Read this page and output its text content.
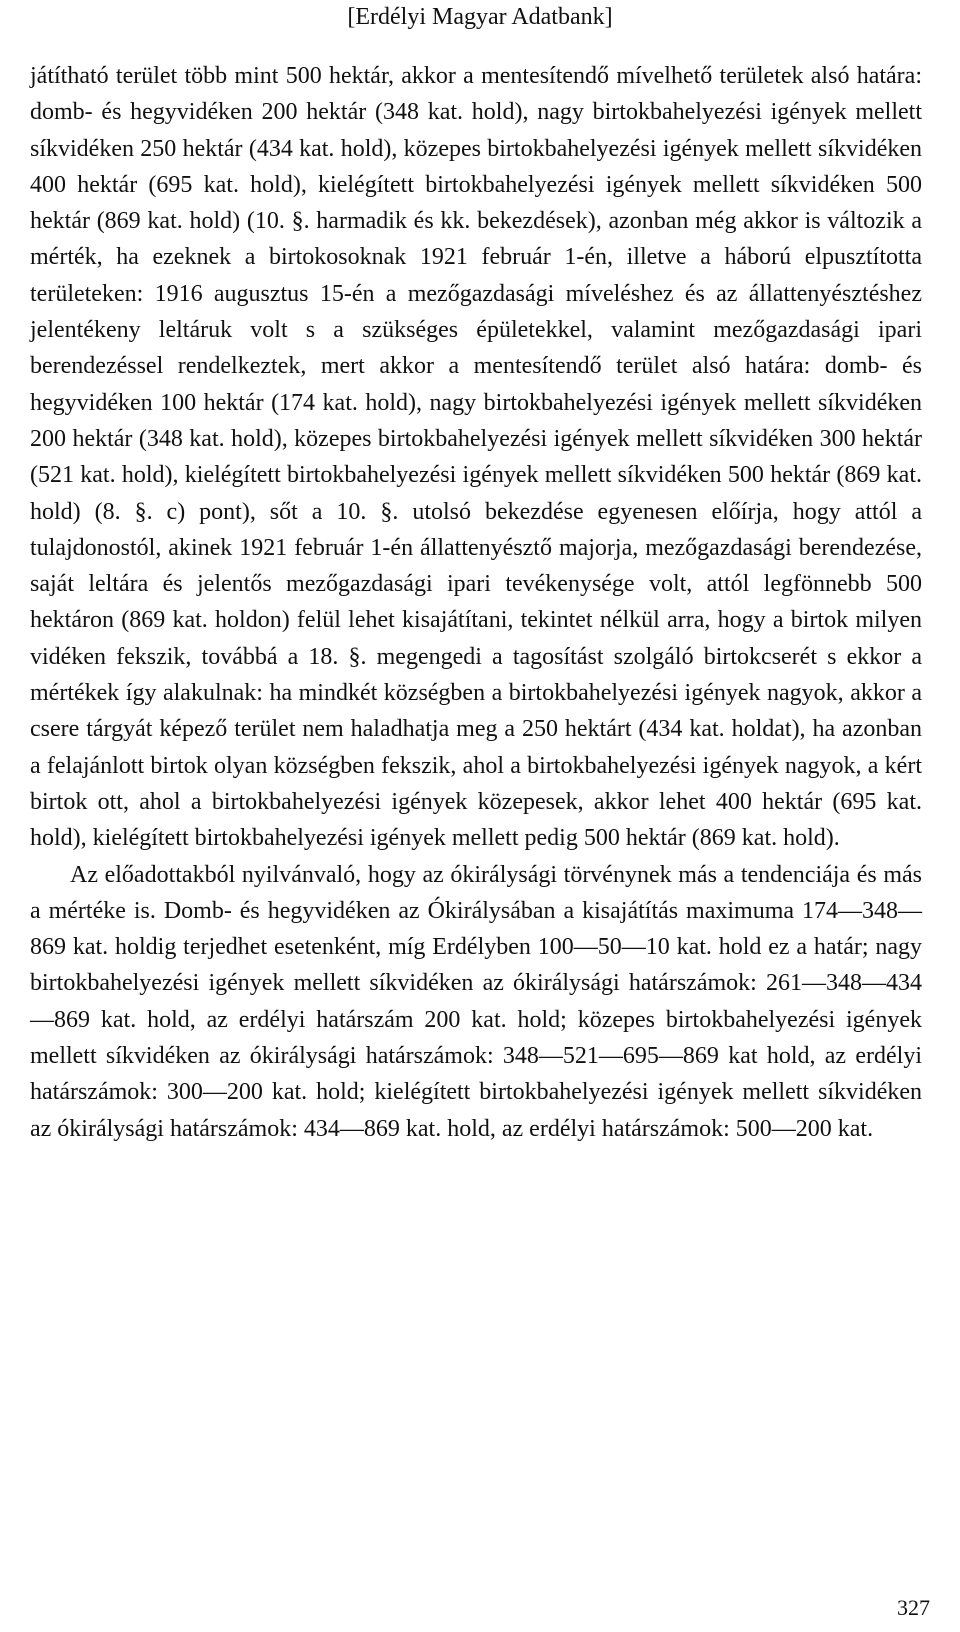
[Erdélyi Magyar Adatbank]

játítható terület több mint 500 hektár, akkor a mentesítendő mívelhető területek alsó határa: domb- és hegyvidéken 200 hektár (348 kat. hold), nagy birtokbahelyezési igények mellett síkvidéken 250 hektár (434 kat. hold), közepes birtokbahelyezési igények mellett síkvidéken 400 hektár (695 kat. hold), kielégített birtokbahelyezési igények mellett síkvidéken 500 hektár (869 kat. hold) (10. §. harmadik és kk. bekezdések), azonban még akkor is változik a mérték, ha ezeknek a birtokosoknak 1921 február 1-én, illetve a háború elpusztította területeken: 1916 augusztus 15-én a mezőgazdasági míveléshez és az állattenyésztéshez jelentékeny leltáruk volt s a szükséges épületekkel, valamint mezőgazdasági ipari berendezéssel rendelkeztek, mert akkor a mentesítendő terület alsó határa: domb- és hegyvidéken 100 hektár (174 kat. hold), nagy birtokbahelyezési igények mellett síkvidéken 200 hektár (348 kat. hold), közepes birtokbahelyezési igények mellett síkvidéken 300 hektár (521 kat. hold), kielégített birtokbahelyezési igények mellett síkvidéken 500 hektár (869 kat. hold) (8. §. c) pont), sőt a 10. §. utolsó bekezdése egyenesen előírja, hogy attól a tulajdonostól, akinek 1921 február 1-én állattenyésztő majorja, mezőgazdasági berendezése, saját leltára és jelentős mezőgazdasági ipari tevékenysége volt, attól legfönnebb 500 hektáron (869 kat. holdon) felül lehet kisajátítani, tekintet nélkül arra, hogy a birtok milyen vidéken fekszik, továbbá a 18. §. megengedi a tagosítást szolgáló birtokcserét s ekkor a mértékek így alakulnak: ha mindkét községben a birtokbahelyezési igények nagyok, akkor a csere tárgyát képező terület nem haladhatja meg a 250 hektárt (434 kat. holdat), ha azonban a felajánlott birtok olyan községben fekszik, ahol a birtokbahelyezési igények nagyok, a kért birtok ott, ahol a birtokbahelyezési igények közepesek, akkor lehet 400 hektár (695 kat. hold), kielégített birtokbahelyezési igények mellett pedig 500 hektár (869 kat. hold).

Az előadottakból nyilvánvaló, hogy az ókirálysági törvénynek más a tendenciája és más a mértéke is. Domb- és hegyvidéken az Ókirálysában a kisajátítás maximuma 174—348—869 kat. holdig terjedhet esetenként, míg Erdélyben 100—50—10 kat. hold ez a határ; nagy birtokbahelyezési igények mellett síkvidéken az ókirálysági határszámok: 261—348—434—869 kat. hold, az erdélyi határszám 200 kat. hold; közepes birtokbahelyezési igények mellett síkvidéken az ókirálysági határszámok: 348—521—695—869 kat hold, az erdélyi határszámok: 300—200 kat. hold; kielégített birtokbahelyezési igények mellett síkvidéken az ókirálysági határszámok: 434—869 kat. hold, az erdélyi határszámok: 500—200 kat.

327
